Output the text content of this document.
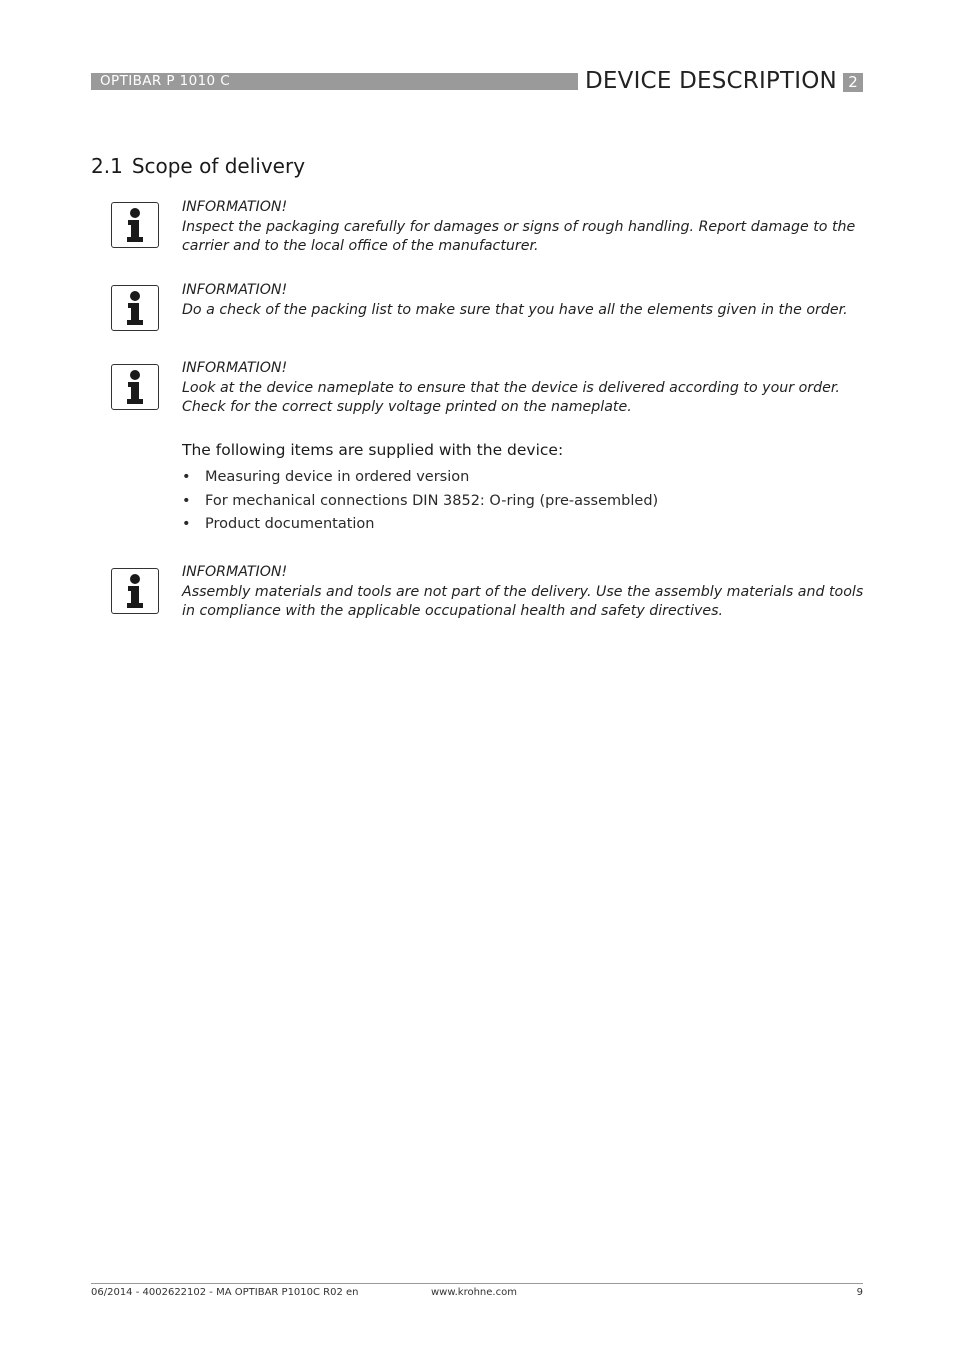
OPTIBAR P 1010 C	DEVICE DESCRIPTION 2
2.1 Scope of delivery
INFORMATION!
Inspect the packaging carefully for damages or signs of rough handling. Report damage to the
carrier and to the local office of the manufacturer.
INFORMATION!
Do a check of the packing list to make sure that you have all the elements given in the order.
INFORMATION!
Look at the device nameplate to ensure that the device is delivered according to your order.
Check for the correct supply voltage printed on the nameplate.
The following items are supplied with the device:
• Measuring device in ordered version
• For mechanical connections DIN 3852: O-ring (pre-assembled)
• Product documentation
INFORMATION!
Assembly materials and tools are not part of the delivery. Use the assembly materials and tools
in compliance with the applicable occupational health and safety directives.
06/2014 - 4002622102 - MA OPTIBAR P1010C R02 en	www.krohne.com	9
